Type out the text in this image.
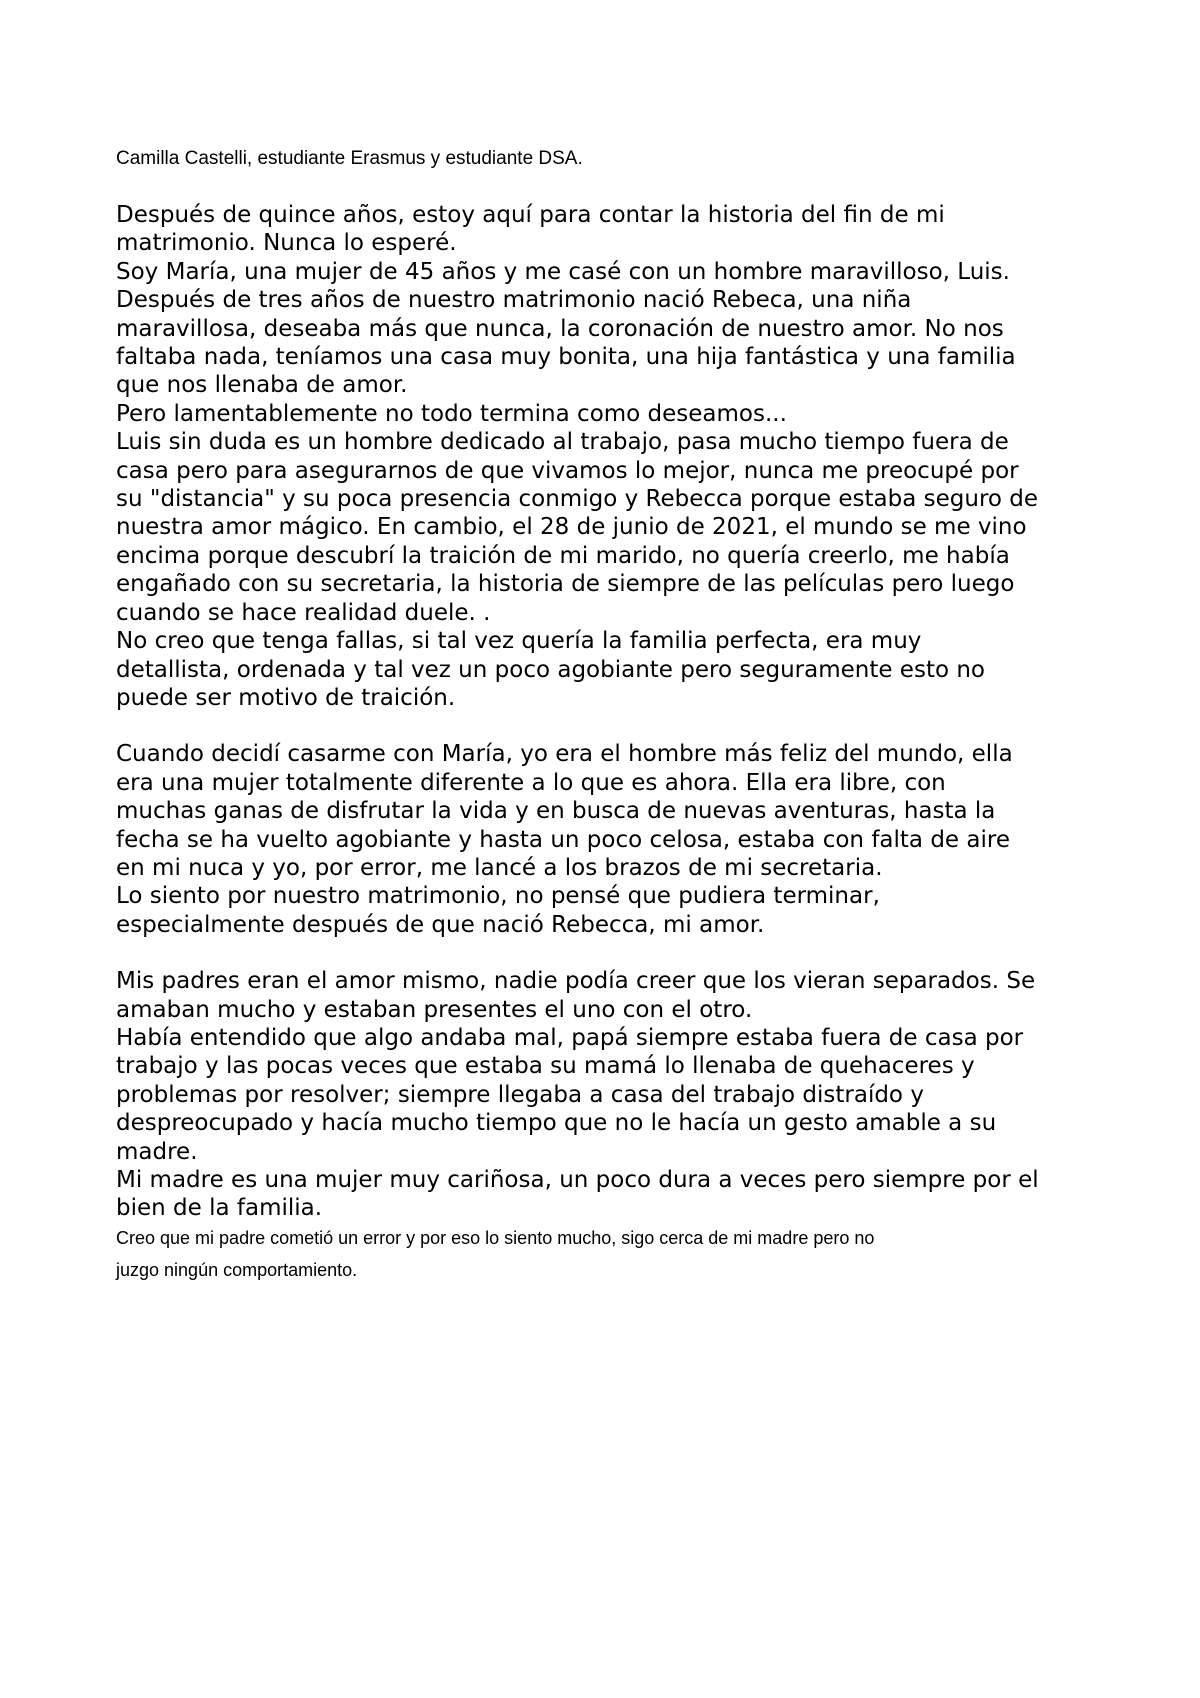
Camilla Castelli, estudiante Erasmus y estudiante DSA.

Después de quince años, estoy aquí para contar la historia del fin de mi
matrimonio. Nunca lo esperé.

Soy María, una mujer de 45 años y me casé con un hombre maravilloso, Luis.
Después de tres años de nuestro matrimonio nació Rebeca, una niña
maravillosa, deseaba más que nunca, la coronación de nuestro amor. No nos
faltaba nada, teníamos una casa muy bonita, una hija fantástica y una familia
que nos llenaba de amor.

Pero lamentablemente no todo termina como deseamos...

Luis sin duda es un hombre dedicado al trabajo, pasa mucho tiempo fuera de
casa pero para asegurarnos de que vivamos lo mejor, nunca me preocupé por
su "distancia" y su poca presencia conmigo y Rebecca porque estaba seguro de
nuestra amor mágico. En cambio, el 28 de junio de 2021, el mundo se me vino
encima porque descubrí la traición de mi marido, no quería creerlo, me había
engañado con su secretaria, la historia de siempre de las películas pero luego
cuando se hace realidad duele. .

No creo que tenga fallas, si tal vez quería la familia perfecta, era muy
detallista, ordenada y tal vez un poco agobiante pero seguramente esto no
puede ser motivo de traición.

Cuando decidí casarme con María, yo era el hombre más feliz del mundo, ella
era una mujer totalmente diferente a lo que es ahora. Ella era libre, con
muchas ganas de disfrutar la vida y en busca de nuevas aventuras, hasta la
fecha se ha vuelto agobiante y hasta un poco celosa, estaba con falta de aire
en mi nuca y yo, por error, me lancé a los brazos de mi secretaria.

Lo siento por nuestro matrimonio, no pensé que pudiera terminar,
especialmente después de que nació Rebecca, mi amor.

Mis padres eran el amor mismo, nadie podía creer que los vieran separados. Se
amaban mucho y estaban presentes el uno con el otro.

Había entendido que algo andaba mal, papá siempre estaba fuera de casa por
trabajo y las pocas veces que estaba su mamá lo llenaba de quehaceres y
problemas por resolver; siempre llegaba a casa del trabajo distraído y
despreocupado y hacía mucho tiempo que no le hacía un gesto amable a su
madre.

Mi madre es una mujer muy cariñosa, un poco dura a veces pero siempre por el
bien de la familia.

Creo que mi padre cometió un error y por eso lo siento mucho, sigo cerca de mi madre pero no
juzgo ningún comportamiento.
